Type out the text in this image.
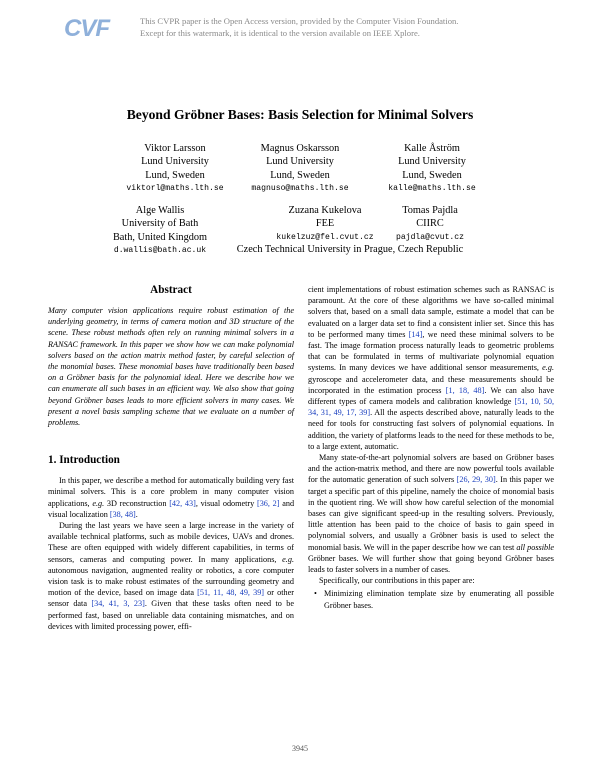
CVF	This CVPR paper is the Open Access version, provided by the Computer Vision Foundation.
Except for this watermark, it is identical to the version available on IEEE Xplore.
Beyond Gröbner Bases: Basis Selection for Minimal Solvers
Viktor Larsson
Lund University
Lund, Sweden
viktorl@maths.lth.se
Magnus Oskarsson
Lund University
Lund, Sweden
magnuso@maths.lth.se
Kalle Åström
Lund University
Lund, Sweden
kalle@maths.lth.se
Alge Wallis
University of Bath
Bath, United Kingdom
d.wallis@bath.ac.uk
Zuzana Kukelova
FEE
kukelzuz@fel.cvut.cz
Tomas Pajdla
CIIRC
pajdla@cvut.cz
Czech Technical University in Prague, Czech Republic
Abstract
Many computer vision applications require robust estimation of the underlying geometry, in terms of camera motion and 3D structure of the scene. These robust methods often rely on running minimal solvers in a RANSAC framework. In this paper we show how we can make polynomial solvers based on the action matrix method faster, by careful selection of the monomial bases. These monomial bases have traditionally been based on a Gröbner basis for the polynomial ideal. Here we describe how we can enumerate all such bases in an efficient way. We also show that going beyond Gröbner bases leads to more efficient solvers in many cases. We present a novel basis sampling scheme that we evaluate on a number of problems.
1. Introduction

In this paper, we describe a method for automatically building very fast minimal solvers. This is a core problem in many computer vision applications, e.g. 3D reconstruction [42, 43], visual odometry [36, 2] and visual localization [38, 48].

During the last years we have seen a large increase in the variety of available technical platforms, such as mobile devices, UAVs and drones. These are often equipped with widely different capabilities, in terms of sensors, cameras and computing power. In many applications, e.g. autonomous navigation, augmented reality or robotics, a core computer vision task is to make robust estimates of the surrounding geometry and motion of the device, based on image data [51, 11, 48, 49, 39] or other sensor data [34, 41, 3, 23]. Given that these tasks often need to be performed fast, based on unreliable data containing mismatches, and on devices with limited processing power, effi-

cient implementations of robust estimation schemes such as RANSAC is paramount. At the core of these algorithms we have so-called minimal solvers that, based on a small data sample, estimate a model that can be evaluated on a larger data set to find a consistent inlier set. Since this has to be performed many times [14], we need these minimal solvers to be fast. The image formation process naturally leads to geometric problems that can be formulated in terms of multivariate polynomial equation systems. In many devices we have additional sensor measurements, e.g. gyroscope and accelerometer data, and these measurements should be incorporated in the estimation process [1, 18, 48]. We can also have different types of camera models and calibration knowledge [51, 10, 50, 34, 31, 49, 17, 39]. All the aspects described above, naturally leads to the need for tools for constructing fast solvers of polynomial equations. In addition, the variety of platforms leads to the need for these methods to be, to a large extent, automatic.

Many state-of-the-art polynomial solvers are based on Gröbner bases and the action-matrix method, and there are now powerful tools available for the automatic generation of such solvers [26, 29, 30]. In this paper we target a specific part of this pipeline, namely the choice of monomial basis in the quotient ring. We will show how careful selection of the monomial bases can give significant speed-up in the resulting solvers. Previously, little attention has been paid to the choice of basis to gain speed in polynomial solvers, and usually a Gröbner basis is used to select the monomial basis. We will in the paper describe how we can test all possible Gröbner bases. We will further show that going beyond Gröbner bases leads to faster solvers in a number of cases.

Specifically, our contributions in this paper are:

• Minimizing elimination template size by enumerating all possible Gröbner bases.
3945
